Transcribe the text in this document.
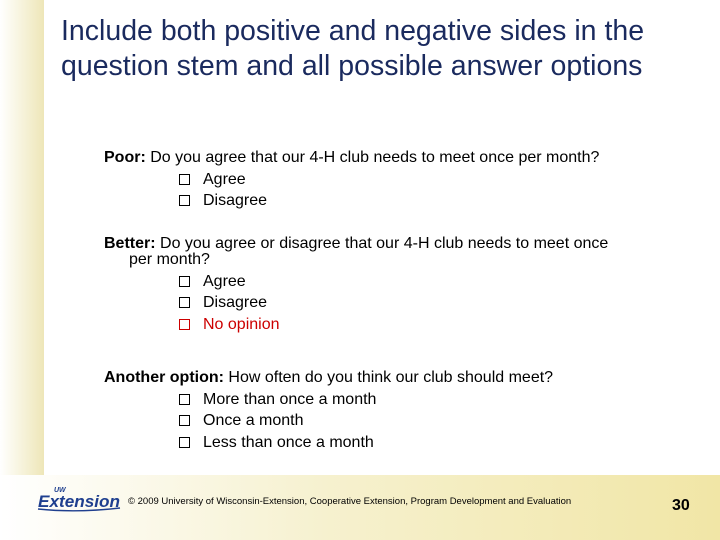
Include both positive and negative sides in the question stem and all possible answer options

Poor: Do you agree that our 4-H club needs to meet once per month?

Agree
Disagree

Better: Do you agree or disagree that our 4-H club needs to meet once

per month?

Agree
Disagree
No opinion

Another option: How often do you think our club should meet?

More than once a month
Once a month
Less than once a month
UW
Extension © 2009 University of Wisconsin-Extension, Cooperative Extension, Program Development and Evaluation	30
